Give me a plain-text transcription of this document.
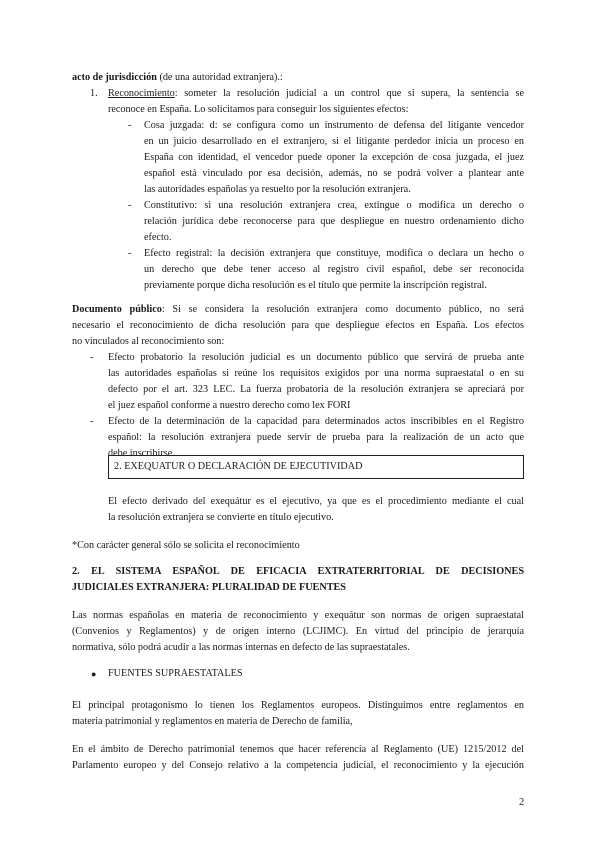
acto de jurisdicción (de una autoridad extranjera).:
1.	Reconocimiento: someter la resolución judicial a un control que si supera, la sentencia se
reconoce en España. Lo solicitamos para conseguir los siguientes efectos:
-	Cosa juzgada: d: se configura como un instrumento de defensa del litigante vencedor
en un juicio desarrollado en el extranjero, si el litigante perdedor inicia un proceso en
España con identidad, el vencedor puede oponer la excepción de cosa juzgada, el juez
español está vinculado por esa decisión, además, no se podrá volver a plantear ante
las autoridades españolas ya resuelto por la resolución extranjera.
-	Constitutivo: si una resolución extranjera crea, extingue o modifica un derecho o
relación jurídica debe reconocerse para que despliegue en nuestro ordenamiento dicho
efecto.
-	Efecto registral: la decisión extranjera que constituye, modifica o declara un hecho o
un derecho que debe tener acceso al registro civil español, debe ser reconocida
previamente porque dicha resolución es el título que permite la inscripción registral.
Documento público: Si se considera la resolución extranjera como documento público, no será
necesario el reconocimiento de dicha resolución para que despliegue efectos en España. Los efectos
no vinculados al reconocimiento son:
-	Efecto probatorio la resolución judicial es un documento público que servirá de prueba ante
las autoridades españolas si reúne los requisitos exigidos por una norma supraestatal o en su
defecto por el art. 323 LEC. La fuerza probatoria de la resolución extranjera se apreciará por
el juez español conforme a nuestro derecho como lex FORI
-	Efecto de la determinación de la capacidad para determinados actos inscribibles en el Registro
español: la resolución extranjera puede servir de prueba para la realización de un acto que
debe inscribirse.
2. EXEQUATUR O DECLARACIÓN DE EJECUTIVIDAD
El efecto derivado del exequátur es el ejecutivo, ya que es el procedimiento mediante el cual
la resolución extranjera se convierte en título ejecutivo.
*Con carácter general sólo se solicita el reconocimiento
2. EL SISTEMA ESPAÑOL DE EFICACIA EXTRATERRITORIAL DE DECISIONES
JUDICIALES EXTRANJERA: PLURALIDAD DE FUENTES
Las normas españolas en materia de reconocimiento y exequátur son normas de origen supraestatal
(Convenios y Reglamentos) y de origen interno (LCJIMC). En virtud del principio de jerarquía
normativa, sólo podrá acudir a las normas internas en defecto de las supraestatales.
● FUENTES SUPRAESTATALES
El principal protagonismo lo tienen los Reglamentos europeos. Distinguimos entre reglamentos en
materia patrimonial y reglamentos en materia de Derecho de familia,
En el ámbito de Derecho patrimonial tenemos que hacer referencia al Reglamento (UE) 1215/2012 del
Parlamento europeo y del Consejo relativo a la competencia judicial, el reconocimiento y la ejecución
2
